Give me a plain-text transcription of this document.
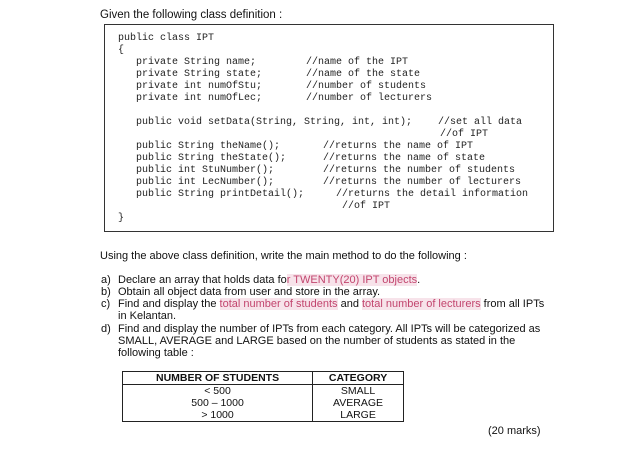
Given the following class definition :
public class IPT
{
private String name;	//name of the IPT
private String state;	//name of the state
private int numOfStu;	//number of students
private int numOfLec;	//number of lecturers
public void setData(String, String, int, int);	//set all data
//of IPT
public String theName();	//returns the name of IPT
public String theState();	//returns the name of state
public int StuNumber();	//returns the number of students
public int LecNumber();	//returns the number of lecturers
public String printDetail();	//returns the detail information
//of IPT
}
Using the above class definition, write the main method to do the following :
a) Declare an array that holds data for TWENTY(20) IPT objects.
b) Obtain all object data from user and store in the array.
c) Find and display the total number of students and total number of lecturers from all IPTs
in Kelantan.
d) Find and display the number of IPTs from each category. All IPTs will be categorized as
SMALL, AVERAGE and LARGE based on the number of students as stated in the
following table :
NUMBER OF STUDENTS	CATEGORY
< 500	SMALL
500 – 1000	AVERAGE
> 1000	LARGE
(20 marks)
